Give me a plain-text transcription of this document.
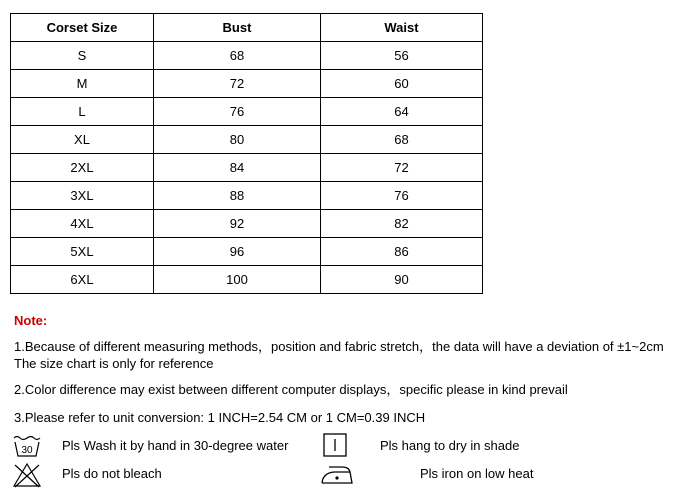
Corset Size	Bust	Waist
S	68	56
M	72	60
L	76	64
XL	80	68
2XL	84	72
3XL	88	76
4XL	92	82
5XL	96	86
6XL	100	90
Note:
1.Because of different measuring methods，position and fabric stretch，the data will have a deviation of ±1~2cm
The size chart is only for reference
2.Color difference may exist between different computer displays，specific please in kind prevail
3.Please refer to unit conversion: 1 INCH=2.54 CM or 1 CM=0.39 INCH
30 Pls Wash it by hand in 30-degree water	Pls hang to dry in shade
Pls do not bleach	Pls iron on low heat
